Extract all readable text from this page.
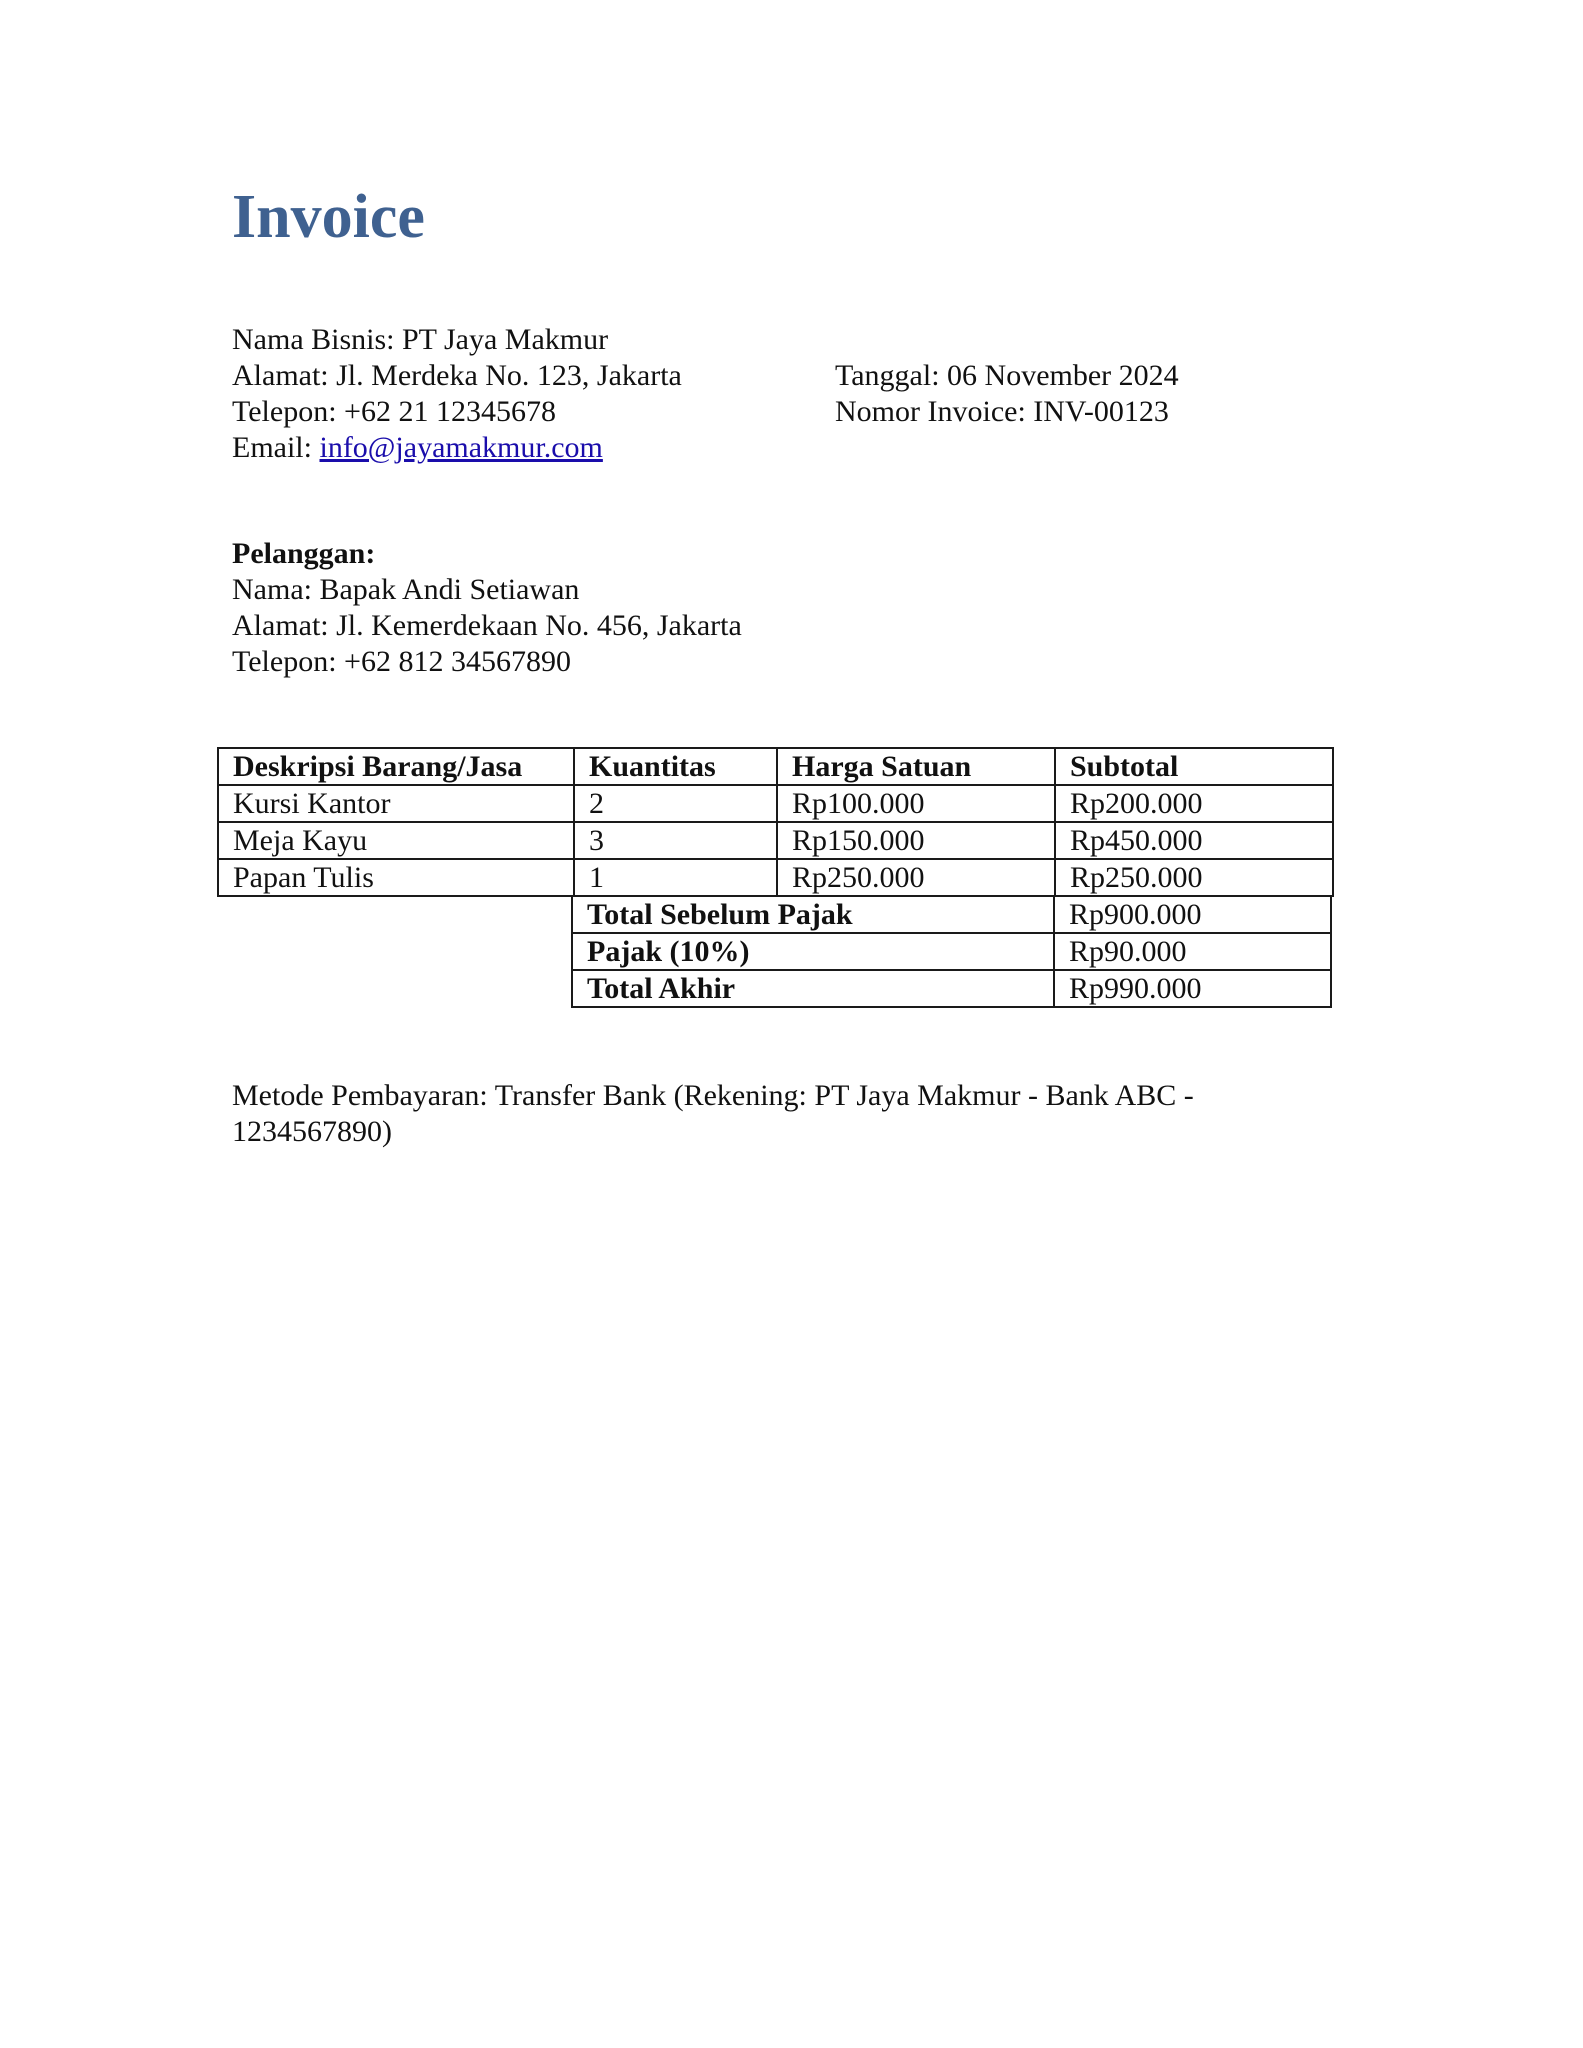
Invoice
Nama Bisnis: PT Jaya Makmur
Alamat: Jl. Merdeka No. 123, Jakarta
Telepon: +62 21 12345678
Email: info@jayamakmur.com
Tanggal: 06 November 2024
Nomor Invoice: INV-00123
Pelanggan:
Nama: Bapak Andi Setiawan
Alamat: Jl. Kemerdekaan No. 456, Jakarta
Telepon: +62 812 34567890
Deskripsi Barang/Jasa	Kuantitas	Harga Satuan	Subtotal
Kursi Kantor	2	Rp100.000	Rp200.000
Meja Kayu	3	Rp150.000	Rp450.000
Papan Tulis	1	Rp250.000	Rp250.000
Total Sebelum Pajak	Rp900.000
Pajak (10%)	Rp90.000
Total Akhir	Rp990.000
Metode Pembayaran: Transfer Bank (Rekening: PT Jaya Makmur - Bank ABC - 1234567890)
